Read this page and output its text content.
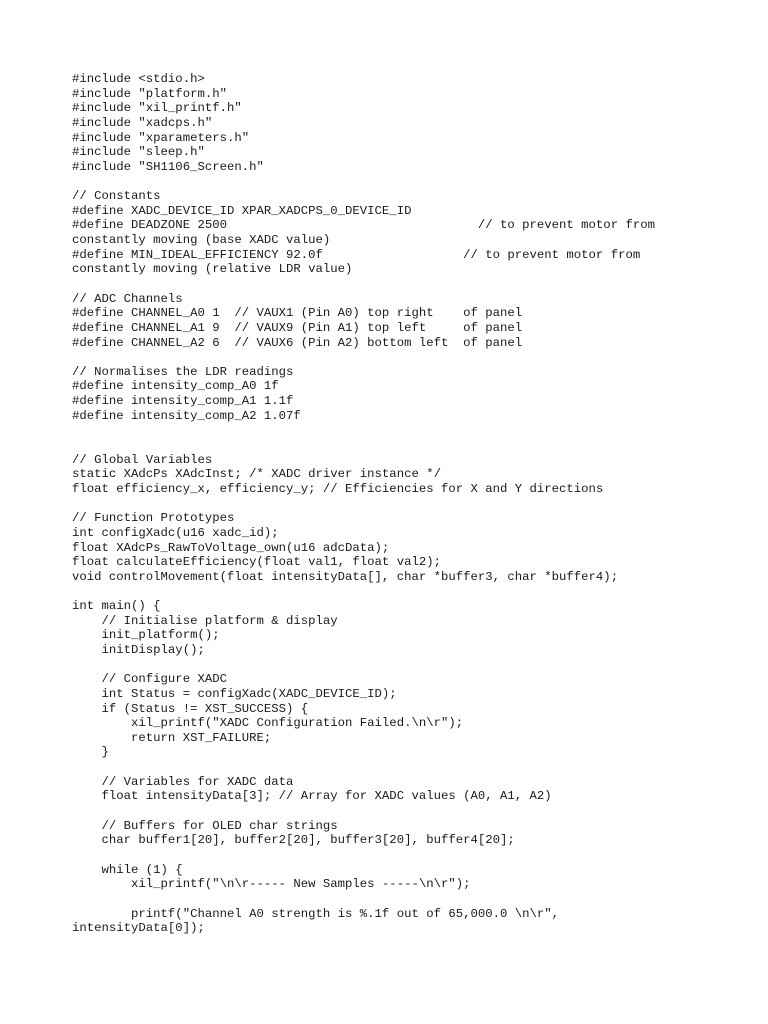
#include <stdio.h>
#include "platform.h"
#include "xil_printf.h"
#include "xadcps.h"
#include "xparameters.h"
#include "sleep.h"
#include "SH1106_Screen.h"
// Constants
#define XADC_DEVICE_ID XPAR_XADCPS_0_DEVICE_ID
#define DEADZONE 2500                                  // to prevent motor from
constantly moving (base XADC value)
#define MIN_IDEAL_EFFICIENCY 92.0f                   // to prevent motor from
constantly moving (relative LDR value)
// ADC Channels
#define CHANNEL_A0 1  // VAUX1 (Pin A0) top right    of panel
#define CHANNEL_A1 9  // VAUX9 (Pin A1) top left     of panel
#define CHANNEL_A2 6  // VAUX6 (Pin A2) bottom left  of panel
// Normalises the LDR readings
#define intensity_comp_A0 1f
#define intensity_comp_A1 1.1f
#define intensity_comp_A2 1.07f
// Global Variables
static XAdcPs XAdcInst; /* XADC driver instance */
float efficiency_x, efficiency_y; // Efficiencies for X and Y directions
// Function Prototypes
int configXadc(u16 xadc_id);
float XAdcPs_RawToVoltage_own(u16 adcData);
float calculateEfficiency(float val1, float val2);
void controlMovement(float intensityData[], char *buffer3, char *buffer4);
int main() {
// Initialise platform & display
init_platform();
initDisplay();
// Configure XADC
int Status = configXadc(XADC_DEVICE_ID);
if (Status != XST_SUCCESS) {
xil_printf("XADC Configuration Failed.\n\r");
return XST_FAILURE;
}
// Variables for XADC data
float intensityData[3]; // Array for XADC values (A0, A1, A2)
// Buffers for OLED char strings
char buffer1[20], buffer2[20], buffer3[20], buffer4[20];
while (1) {
xil_printf("\n\r----- New Samples -----\n\r");
printf("Channel A0 strength is %.1f out of 65,000.0 \n\r",
intensityData[0]);
